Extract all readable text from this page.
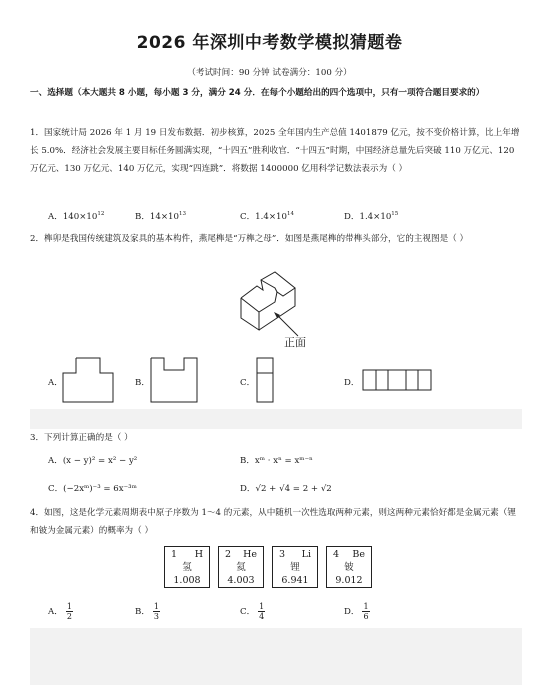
2026 年深圳中考数学模拟猜题卷
（考试时间：90 分钟 试卷满分：100 分）
一、选择题（本大题共 8 小题，每小题 3 分，满分 24 分．在每个小题给出的四个选项中，只有一项符合题目要求的）
1．国家统计局 2026 年 1 月 19 日发布数据．初步核算，2025 全年国内生产总值 1401879 亿元，按不变价格计算，比上年增长 5.0%．经济社会发展主要目标任务圆满实现，“十四五”胜利收官．“十四五”时期，中国经济总量先后突破 110 万亿元、120 万亿元、130 万亿元、140 万亿元，实现“四连跳”．将数据 1400000 亿用科学记数法表示为（ ）
A．$140\times 10^{12}$	B．$14\times 10^{13}$	C．$1.4\times 10^{14}$	D．$1.4\times 10^{15}$
2．榫卯是我国传统建筑及家具的基本构件，燕尾榫是“万榫之母”．如图是燕尾榫的带榫头部分，它的主视图是（ ）
正面
A．	B．	C．	D．
3．下列计算正确的是（ ）
A．(x − y)² = x² − y²	B．xᵐ · xⁿ = xᵐ⁻ⁿ
C．(−2xᵐ)⁻³ = 6x⁻³ᵐ	D．√2 + √4 = 2 + √2
4．如图，这是化学元素周期表中原子序数为 1～4 的元素，从中随机一次性选取两种元素，则这两种元素恰好都是金属元素（锂和铍为金属元素）的概率为（ ）
1 H
氢
1.008
2 He
氦
4.003
3 Li
锂
6.941
4 Be
铍
9.012
A． $\frac{1}{2}$	B． $\frac{1}{3}$	C． $\frac{1}{4}$	D． $\frac{1}{6}$
